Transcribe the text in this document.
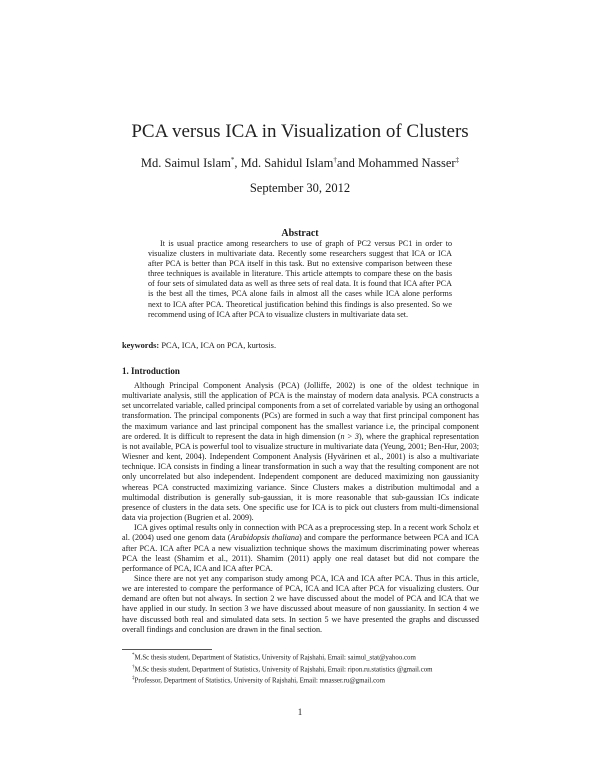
PCA versus ICA in Visualization of Clusters
Md. Saimul Islam*, Md. Sahidul Islam†and Mohammed Nasser‡
September 30, 2012
Abstract

It is usual practice among researchers to use of graph of PC2 versus PC1 in order to visualize clusters in multivariate data. Recently some researchers suggest that ICA or ICA after PCA is better than PCA itself in this task. But no extensive comparison between these three techniques is available in literature. This article attempts to compare these on the basis of four sets of simulated data as well as three sets of real data. It is found that ICA after PCA is the best all the times, PCA alone fails in almost all the cases while ICA alone performs next to ICA after PCA. Theoretical justification behind this findings is also presented. So we recommend using of ICA after PCA to visualize clusters in multivariate data set.

keywords: PCA, ICA, ICA on PCA, kurtosis.
1. Introduction

Although Principal Component Analysis (PCA) (Jolliffe, 2002) is one of the oldest technique in multivariate analysis, still the application of PCA is the mainstay of modern data analysis. PCA constructs a set uncorrelated variable, called principal components from a set of correlated variable by using an orthogonal transformation. The principal components (PCs) are formed in such a way that first principal component has the maximum variance and last principal component has the smallest variance i.e, the principal component are ordered. It is difficult to represent the data in high dimension (n > 3), where the graphical representation is not available, PCA is powerful tool to visualize structure in multivariate data (Yeung, 2001; Ben-Hur, 2003; Wiesner and kent, 2004). Independent Component Analysis (Hyvärinen et al., 2001) is also a multivariate technique. ICA consists in finding a linear transformation in such a way that the resulting component are not only uncorrelated but also independent. Independent component are deduced maximizing non gaussianity whereas PCA constructed maximizing variance. Since Clusters makes a distribution multimodal and a multimodal distribution is generally sub-gaussian, it is more reasonable that sub-gaussian ICs indicate presence of clusters in the data sets. One specific use for ICA is to pick out clusters from multi-dimensional data via projection (Bugrien et al. 2009).

ICA gives optimal results only in connection with PCA as a preprocessing step. In a recent work Scholz et al. (2004) used one genom data (Arabidopsis thaliana) and compare the performance between PCA and ICA after PCA. ICA after PCA a new visualiztion technique shows the maximum discriminating power whereas PCA the least (Shamim et al., 2011). Shamim (2011) apply one real dataset but did not compare the performance of PCA, ICA and ICA after PCA.

Since there are not yet any comparison study among PCA, ICA and ICA after PCA. Thus in this article, we are interested to compare the performance of PCA, ICA and ICA after PCA for visualizing clusters. Our demand are often but not always. In section 2 we have discussed about the model of PCA and ICA that we have applied in our study. In section 3 we have discussed about measure of non gaussianity. In section 4 we have discussed both real and simulated data sets. In section 5 we have presented the graphs and discussed overall findings and conclusion are drawn in the final section.

*M.Sc thesis student, Department of Statistics, University of Rajshahi, Email: saimul_stat@yahoo.com

†M.Sc thesis student, Department of Statistics, University of Rajshahi, Email: ripon.ru.statistics @gmail.com

‡Professor, Department of Statistics, University of Rajshahi, Email: mnasser.ru@gmail.com

1
